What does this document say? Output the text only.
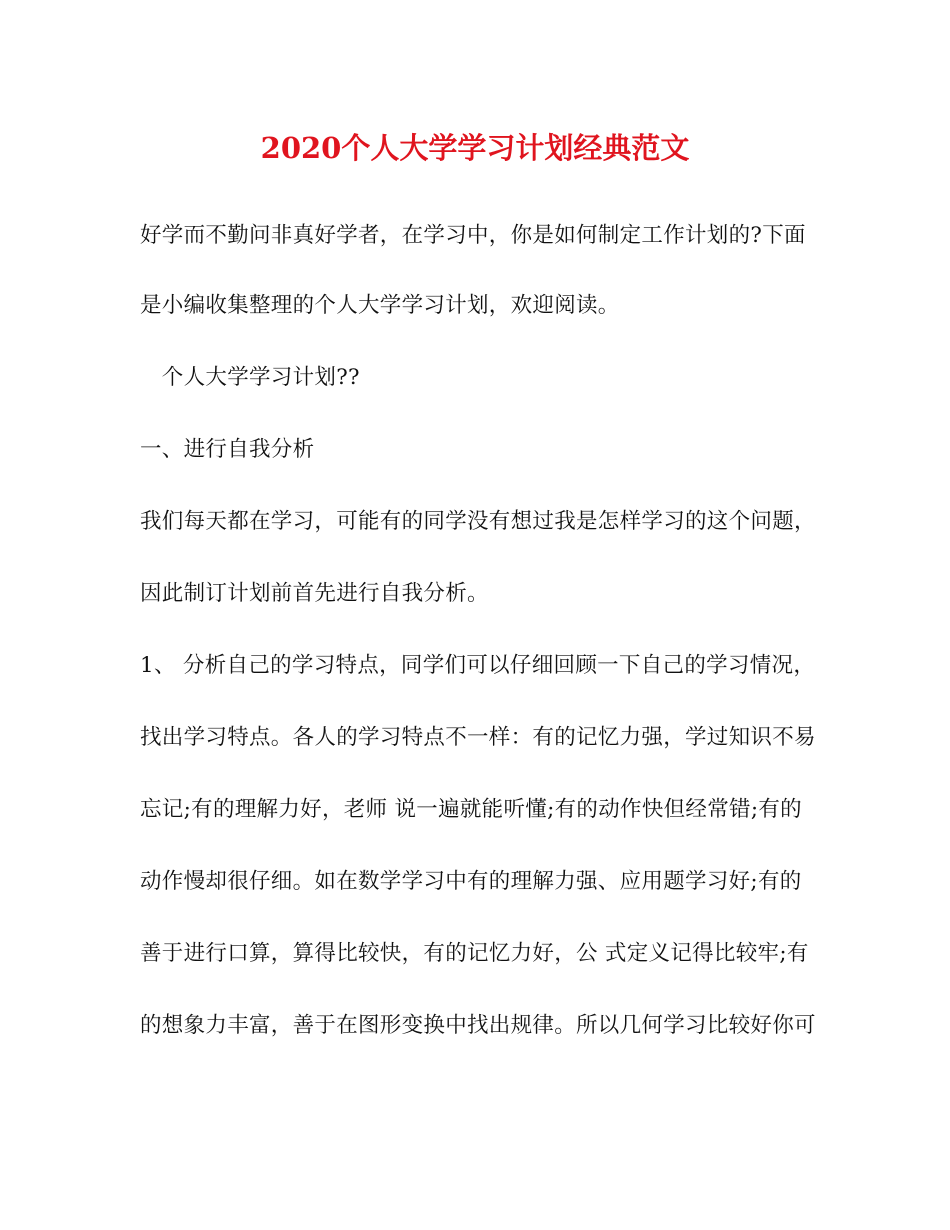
2020个人大学学习计划经典范文
好学而不勤问非真好学者，在学习中，你是如何制定工作计划的?下面
是小编收集整理的个人大学学习计划，欢迎阅读。
　个人大学学习计划??
一、进行自我分析
我们每天都在学习，可能有的同学没有想过我是怎样学习的这个问题，
因此制订计划前首先进行自我分析。
1、 分析自己的学习特点，同学们可以仔细回顾一下自己的学习情况，
找出学习特点。各人的学习特点不一样：有的记忆力强，学过知识不易
忘记;有的理解力好，老师 说一遍就能听懂;有的动作快但经常错;有的
动作慢却很仔细。如在数学学习中有的理解力强、应用题学习好;有的
善于进行口算，算得比较快，有的记忆力好，公 式定义记得比较牢;有
的想象力丰富，善于在图形变换中找出规律。所以几何学习比较好你可
